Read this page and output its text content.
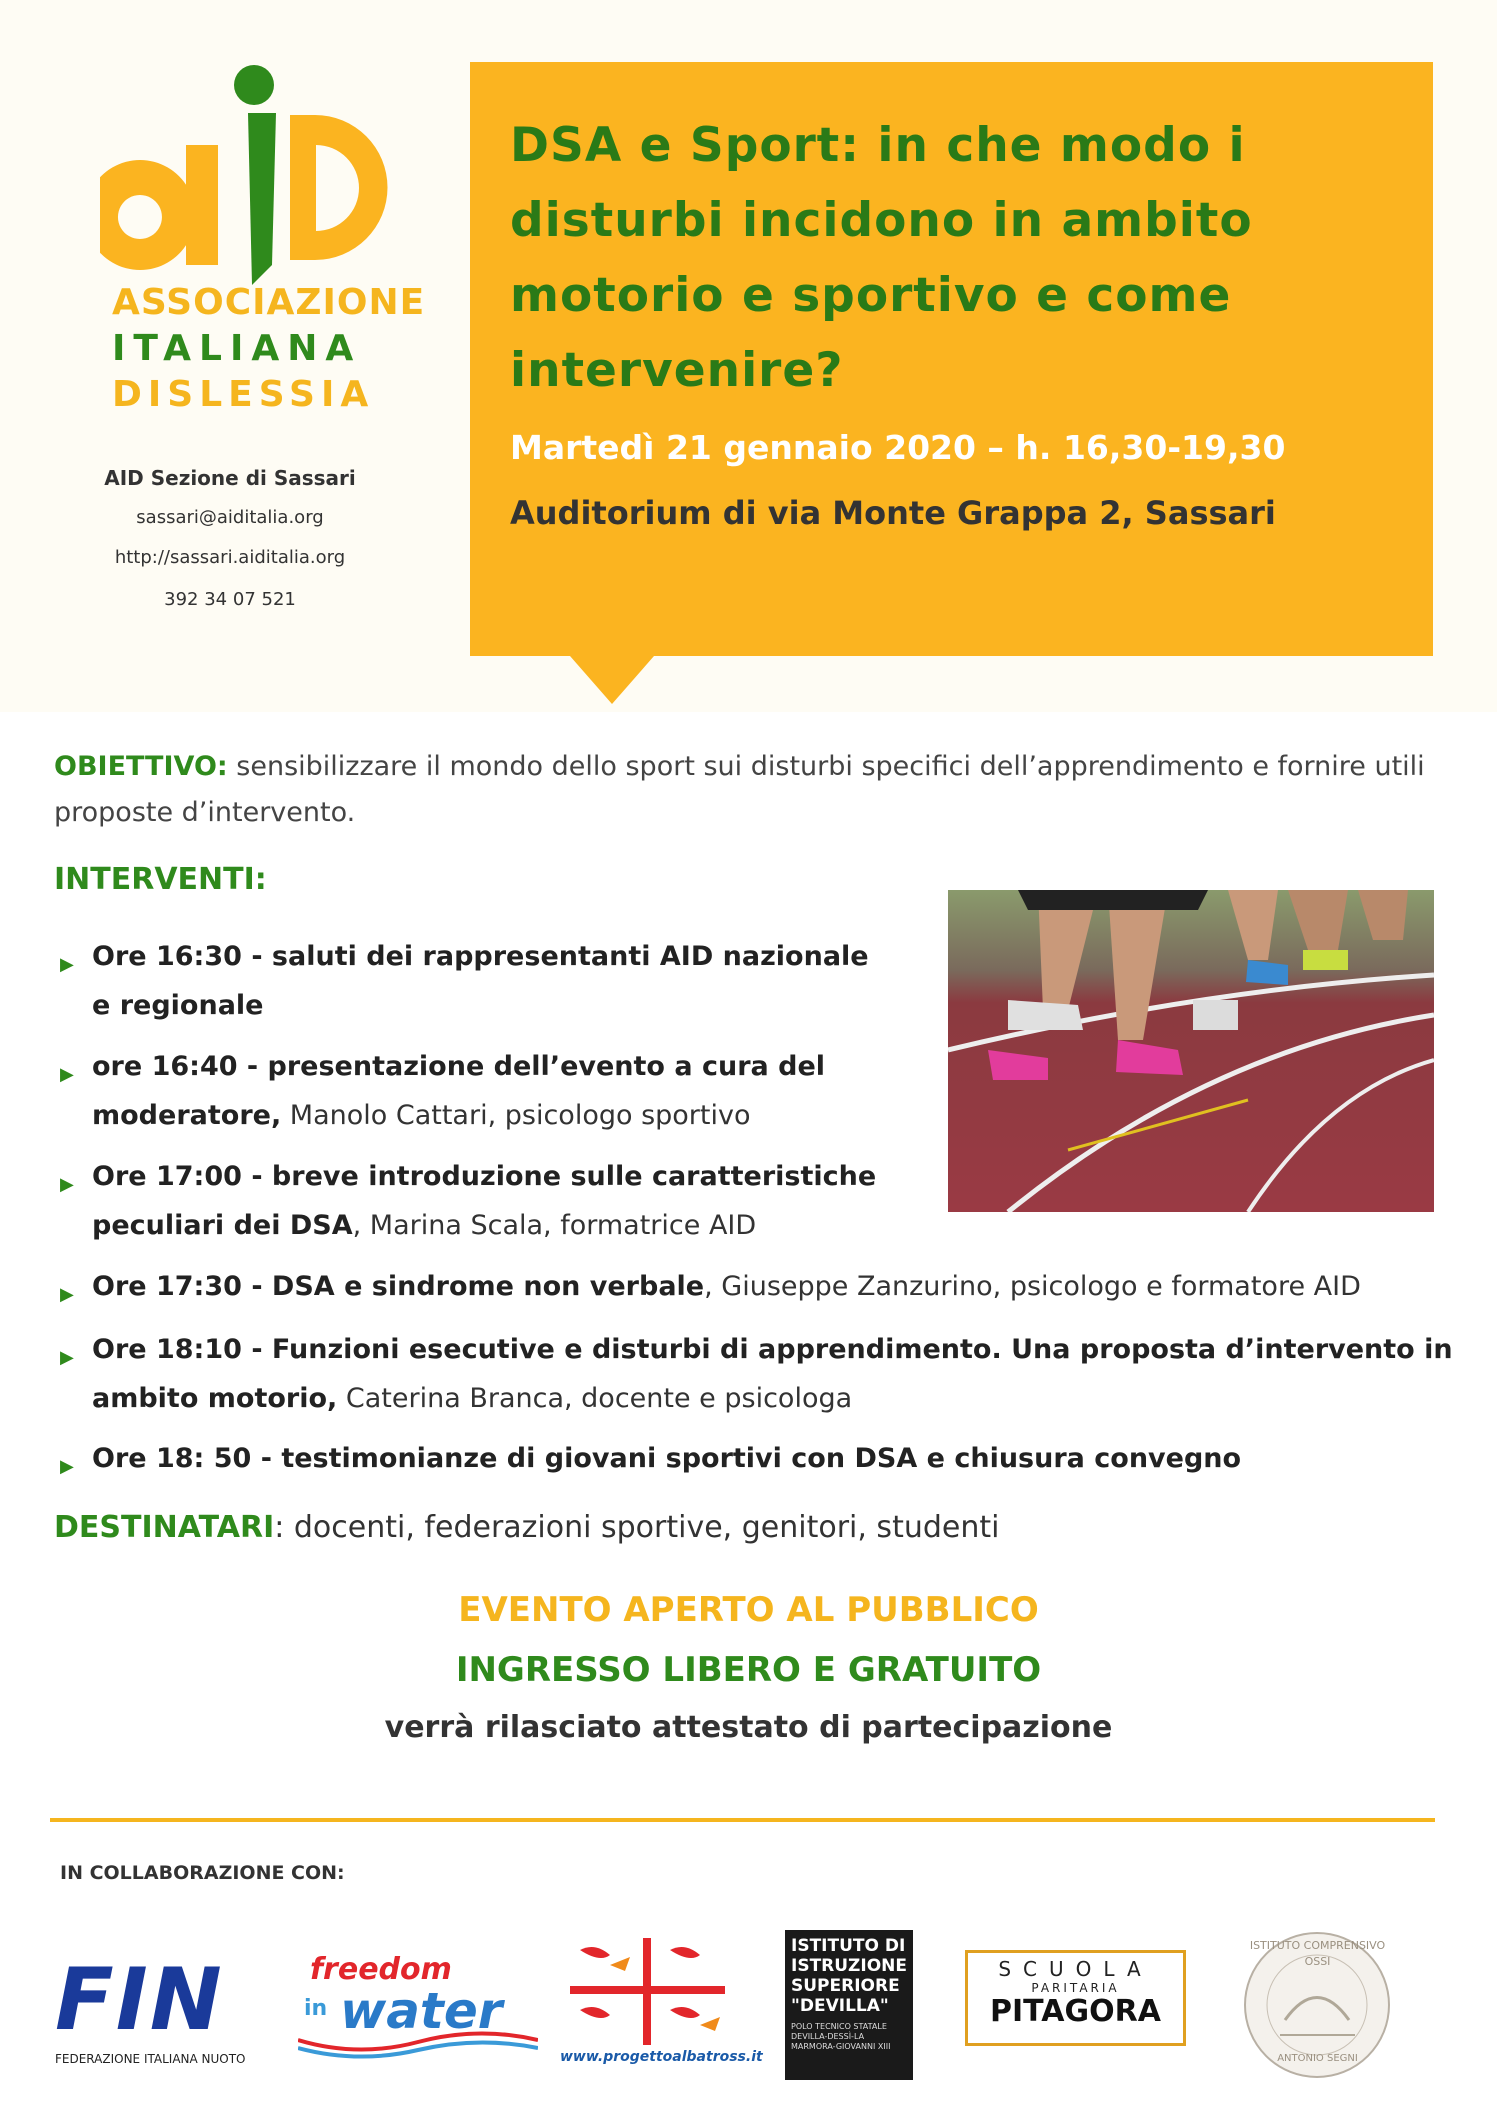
ASSOCIAZIONE
ITALIANA
DISLESSIA
AID Sezione di Sassari
sassari@aiditalia.org
http://sassari.aiditalia.org
392 34 07 521
DSA e Sport: in che modo i disturbi incidono in ambito motorio e sportivo e come intervenire?
Martedì 21 gennaio 2020 – h. 16,30-19,30
Auditorium di via Monte Grappa 2, Sassari
OBIETTIVO: sensibilizzare il mondo dello sport sui disturbi specifici dell’apprendimento e fornire utili proposte d’intervento.
INTERVENTI:
▶ Ore 16:30 - saluti dei rappresentanti AID nazionale e regionale
▶ ore 16:40 - presentazione dell’evento a cura del moderatore, Manolo Cattari, psicologo sportivo
▶ Ore 17:00 - breve introduzione sulle caratteristiche peculiari dei DSA, Marina Scala, formatrice AID
▶ Ore 17:30 - DSA e sindrome non verbale, Giuseppe Zanzurino, psicologo e formatore AID
▶ Ore 18:10 - Funzioni esecutive e disturbi di apprendimento. Una proposta d’intervento in ambito motorio, Caterina Branca, docente e psicologa
▶ Ore 18: 50 - testimonianze di giovani sportivi con DSA e chiusura convegno
DESTINATARI: docenti, federazioni sportive, genitori, studenti
EVENTO APERTO AL PUBBLICO
INGRESSO LIBERO E GRATUITO
verrà rilasciato attestato di partecipazione
IN COLLABORAZIONE CON:
FIN
FEDERAZIONE ITALIANA NUOTO
freedom
in water
www.progettoalbatross.it
ISTITUTO DI ISTRUZIONE SUPERIORE "DEVILLA"
POLO TECNICO STATALE DEVILLA-DESSÌ-LA MARMORA-GIOVANNI XIII
SCUOLA
PARITARIA
PITAGORA
ISTITUTO COMPRENSIVO
OSSI
ANTONIO SEGNI
